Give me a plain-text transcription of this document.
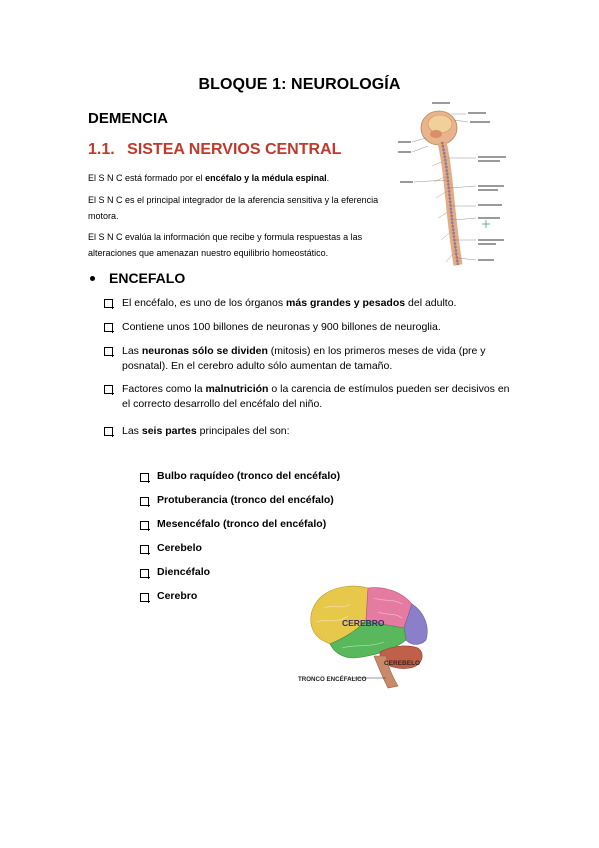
BLOQUE 1: NEUROLOGÍA
DEMENCIA
1.1. SISTEA NERVIOS CENTRAL
El S N C está formado por el encéfalo y la médula espinal.
El S N C es el principal integrador de la aferencia sensitiva y la eferencia motora.
El S N C evalúa la información que recibe y formula respuestas a las alteraciones que amenazan nuestro equilibrio homeostático.
ENCEFALO
El encéfalo, es uno de los órganos más grandes y pesados del adulto.
Contiene unos 100 billones de neuronas y 900 billones de neuroglia.
Las neuronas sólo se dividen (mitosis) en los primeros meses de vida (pre y posnatal). En el cerebro adulto sólo aumentan de tamaño.
Factores como la malnutrición o la carencia de estímulos pueden ser decisivos en el correcto desarrollo del encéfalo del niño.
Las seis partes principales del son:
Bulbo raquídeo (tronco del encéfalo)
Protuberancia (tronco del encéfalo)
Mesencéfalo (tronco del encéfalo)
Cerebelo
Diencéfalo
Cerebro
CEREBRO
CEREBELO
TRONCO ENCÉFALICO
